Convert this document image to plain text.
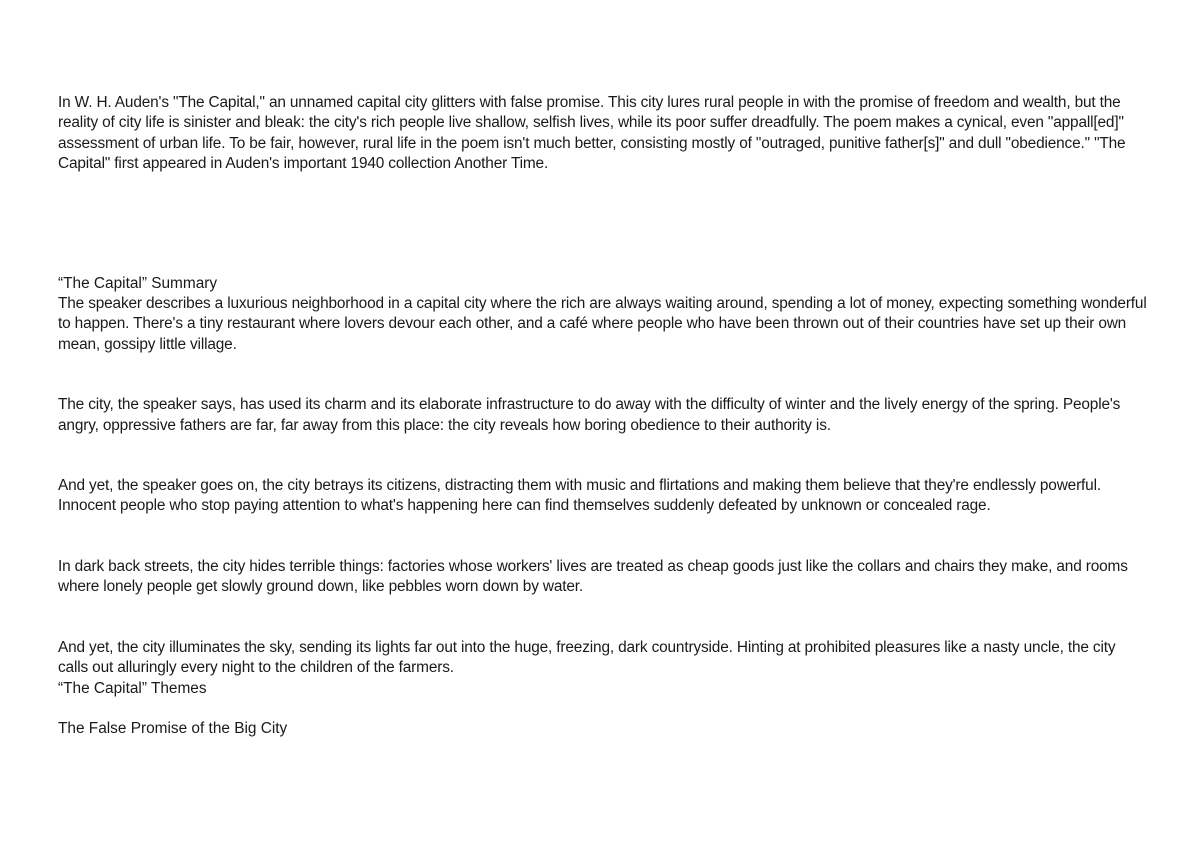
In W. H. Auden's "The Capital," an unnamed capital city glitters with false promise. This city lures rural people in with the promise of freedom and wealth, but the reality of city life is sinister and bleak: the city's rich people live shallow, selfish lives, while its poor suffer dreadfully. The poem makes a cynical, even "appall[ed]" assessment of urban life. To be fair, however, rural life in the poem isn't much better, consisting mostly of "outraged, punitive father[s]" and dull "obedience." "The Capital" first appeared in Auden's important 1940 collection Another Time.

“The Capital” Summary

The speaker describes a luxurious neighborhood in a capital city where the rich are always waiting around, spending a lot of money, expecting something wonderful to happen. There's a tiny restaurant where lovers devour each other, and a café where people who have been thrown out of their countries have set up their own mean, gossipy little village.

The city, the speaker says, has used its charm and its elaborate infrastructure to do away with the difficulty of winter and the lively energy of the spring. People's angry, oppressive fathers are far, far away from this place: the city reveals how boring obedience to their authority is.

And yet, the speaker goes on, the city betrays its citizens, distracting them with music and flirtations and making them believe that they're endlessly powerful. Innocent people who stop paying attention to what's happening here can find themselves suddenly defeated by unknown or concealed rage.

In dark back streets, the city hides terrible things: factories whose workers' lives are treated as cheap goods just like the collars and chairs they make, and rooms where lonely people get slowly ground down, like pebbles worn down by water.

And yet, the city illuminates the sky, sending its lights far out into the huge, freezing, dark countryside. Hinting at prohibited pleasures like a nasty uncle, the city calls out alluringly every night to the children of the farmers.

“The Capital” Themes

The False Promise of the Big City
